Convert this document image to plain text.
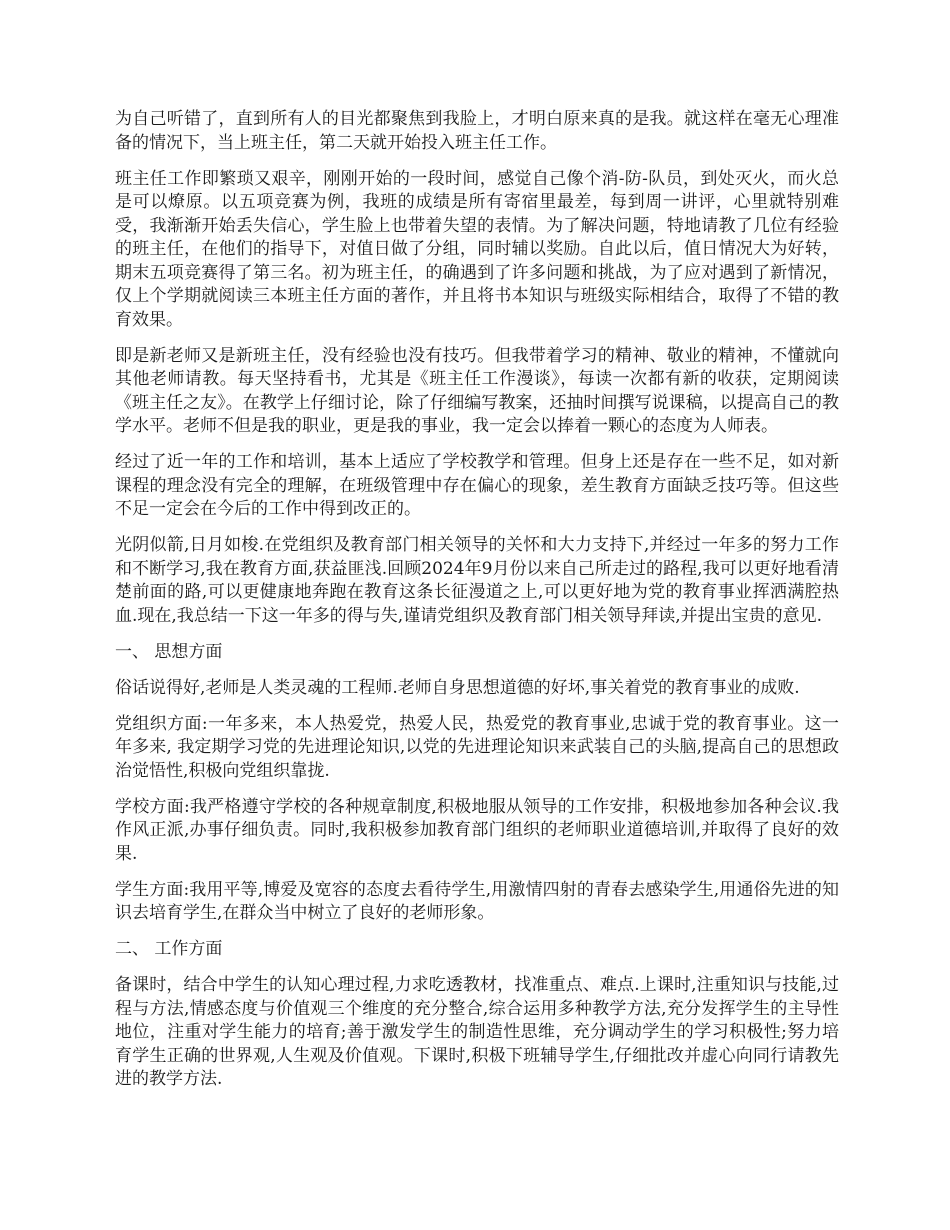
为自己听错了，直到所有人的目光都聚焦到我脸上，才明白原来真的是我。就这样在毫无心理准备的情况下，当上班主任，第二天就开始投入班主任工作。

班主任工作即繁琐又艰辛，刚刚开始的一段时间，感觉自己像个消-防-队员，到处灭火，而火总是可以燎原。以五项竞赛为例，我班的成绩是所有寄宿里最差，每到周一讲评，心里就特别难受，我渐渐开始丢失信心，学生脸上也带着失望的表情。为了解决问题，特地请教了几位有经验的班主任，在他们的指导下，对值日做了分组，同时辅以奖励。自此以后，值日情况大为好转，期末五项竞赛得了第三名。初为班主任，的确遇到了许多问题和挑战，为了应对遇到了新情况，仅上个学期就阅读三本班主任方面的著作，并且将书本知识与班级实际相结合，取得了不错的教育效果。

即是新老师又是新班主任，没有经验也没有技巧。但我带着学习的精神、敬业的精神，不懂就向其他老师请教。每天坚持看书，尤其是《班主任工作漫谈》，每读一次都有新的收获，定期阅读《班主任之友》。在教学上仔细讨论，除了仔细编写教案，还抽时间撰写说课稿，以提高自己的教学水平。老师不但是我的职业，更是我的事业，我一定会以捧着一颗心的态度为人师表。

经过了近一年的工作和培训，基本上适应了学校教学和管理。但身上还是存在一些不足，如对新课程的理念没有完全的理解，在班级管理中存在偏心的现象，差生教育方面缺乏技巧等。但这些不足一定会在今后的工作中得到改正的。

光阴似箭,日月如梭.在党组织及教育部门相关领导的关怀和大力支持下,并经过一年多的努力工作和不断学习,我在教育方面,获益匪浅.回顾2024年9月份以来自己所走过的路程,我可以更好地看清楚前面的路,可以更健康地奔跑在教育这条长征漫道之上,可以更好地为党的教育事业挥洒满腔热血.现在,我总结一下这一年多的得与失,谨请党组织及教育部门相关领导拜读,并提出宝贵的意见.

一、 思想方面

俗话说得好,老师是人类灵魂的工程师.老师自身思想道德的好坏,事关着党的教育事业的成败.

党组织方面:一年多来，本人热爱党，热爱人民，热爱党的教育事业,忠诚于党的教育事业。这一年多来, 我定期学习党的先进理论知识,以党的先进理论知识来武装自己的头脑,提高自己的思想政治觉悟性,积极向党组织靠拢.

学校方面:我严格遵守学校的各种规章制度,积极地服从领导的工作安排，积极地参加各种会议.我作风正派,办事仔细负责。同时,我积极参加教育部门组织的老师职业道德培训,并取得了良好的效果.

学生方面:我用平等,博爱及宽容的态度去看待学生,用激情四射的青春去感染学生,用通俗先进的知识去培育学生,在群众当中树立了良好的老师形象。

二、 工作方面

备课时，结合中学生的认知心理过程,力求吃透教材，找准重点、难点.上课时,注重知识与技能,过程与方法,情感态度与价值观三个维度的充分整合,综合运用多种教学方法,充分发挥学生的主导性地位，注重对学生能力的培育;善于激发学生的制造性思维，充分调动学生的学习积极性;努力培育学生正确的世界观,人生观及价值观。下课时,积极下班辅导学生,仔细批改并虚心向同行请教先进的教学方法.
